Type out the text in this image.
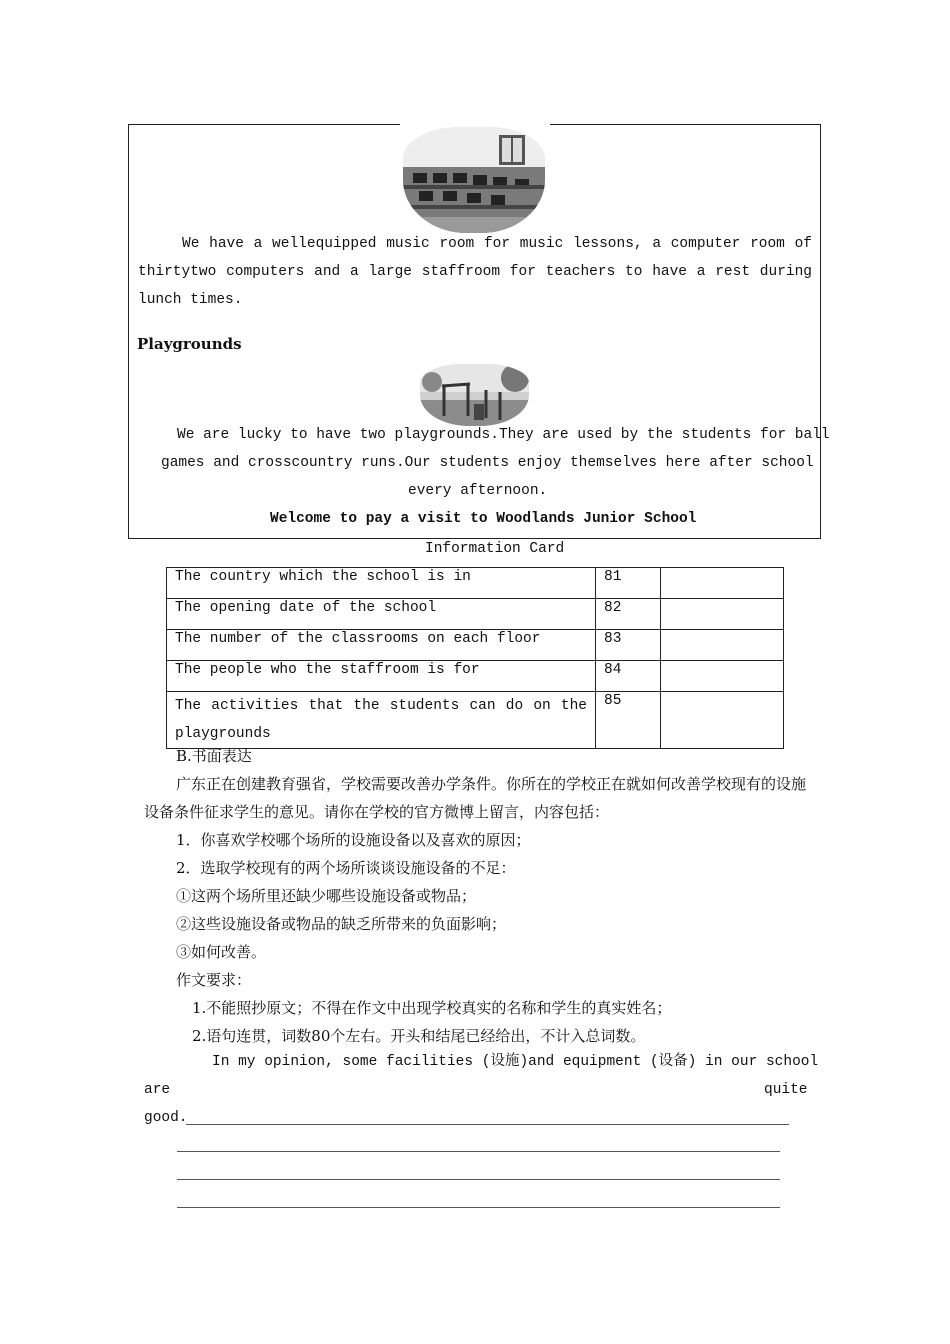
We have a wellequipped music room for music lessons, a computer room of thirtytwo computers and a large staffroom for teachers to have a rest during lunch times.

Playgrounds
We are lucky to have two playgrounds.They are used by the students for ball
games and crosscountry runs.Our students enjoy themselves here after school
every afternoon.
Welcome to pay a visit to Woodlands Junior School
Information Card
The country which the school is in	81	
The opening date of the school	82	
The number of the classrooms on each floor	83	
The people who the staffroom is for	84	
The activities that the students can do on the playgrounds	85	
B.书面表达

广东正在创建教育强省，学校需要改善办学条件。你所在的学校正在就如何改善学校现有的设施设备条件征求学生的意见。请你在学校的官方微博上留言，内容包括：

1．你喜欢学校哪个场所的设施设备以及喜欢的原因；
2．选取学校现有的两个场所谈谈设施设备的不足：
①这两个场所里还缺少哪些设施设备或物品；
②这些设施设备或物品的缺乏所带来的负面影响；
③如何改善。
作文要求：
1.不能照抄原文；不得在作文中出现学校真实的名称和学生的真实姓名；
2.语句连贯，词数80个左右。开头和结尾已经给出，不计入总词数。
In my opinion, some facilities (设施)and equipment (设备) in our school
are	quite
good.
